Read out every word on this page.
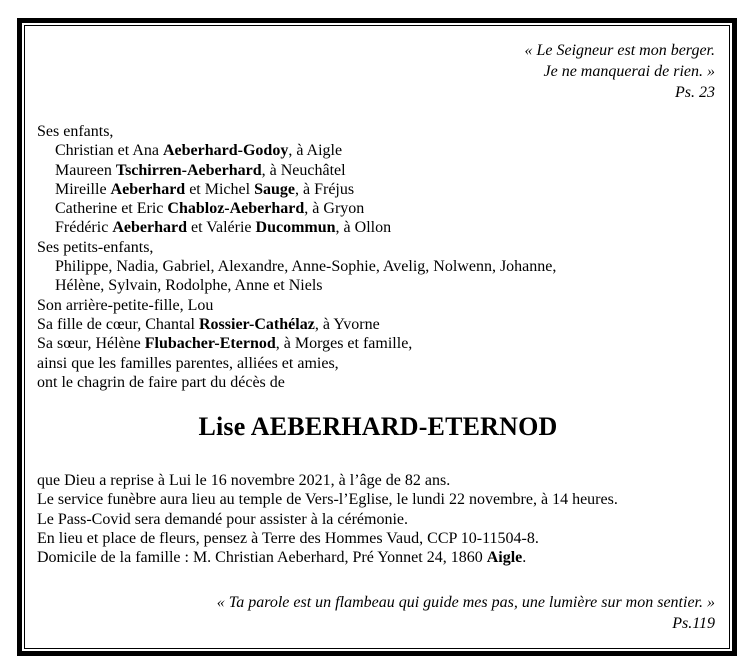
« Le Seigneur est mon berger.
Je ne manquerai de rien. »
Ps. 23
Ses enfants,
Christian et Ana Aeberhard-Godoy, à Aigle
Maureen Tschirren-Aeberhard, à Neuchâtel
Mireille Aeberhard et Michel Sauge, à Fréjus
Catherine et Eric Chabloz-Aeberhard, à Gryon
Frédéric Aeberhard et Valérie Ducommun, à Ollon
Ses petits-enfants,
Philippe, Nadia, Gabriel, Alexandre, Anne-Sophie, Avelig, Nolwenn, Johanne,
Hélène, Sylvain, Rodolphe, Anne et Niels
Son arrière-petite-fille, Lou
Sa fille de cœur, Chantal Rossier-Cathélaz, à Yvorne
Sa sœur, Hélène Flubacher-Eternod, à Morges et famille,
ainsi que les familles parentes, alliées et amies,
ont le chagrin de faire part du décès de
Lise AEBERHARD-ETERNOD
que Dieu a reprise à Lui le 16 novembre 2021, à l’âge de 82 ans.
Le service funèbre aura lieu au temple de Vers-l’Eglise, le lundi 22 novembre, à 14 heures.
Le Pass-Covid sera demandé pour assister à la cérémonie.
En lieu et place de fleurs, pensez à Terre des Hommes Vaud, CCP 10-11504-8.
Domicile de la famille : M. Christian Aeberhard, Pré Yonnet 24, 1860 Aigle.
« Ta parole est un flambeau qui guide mes pas, une lumière sur mon sentier. »
Ps.119
